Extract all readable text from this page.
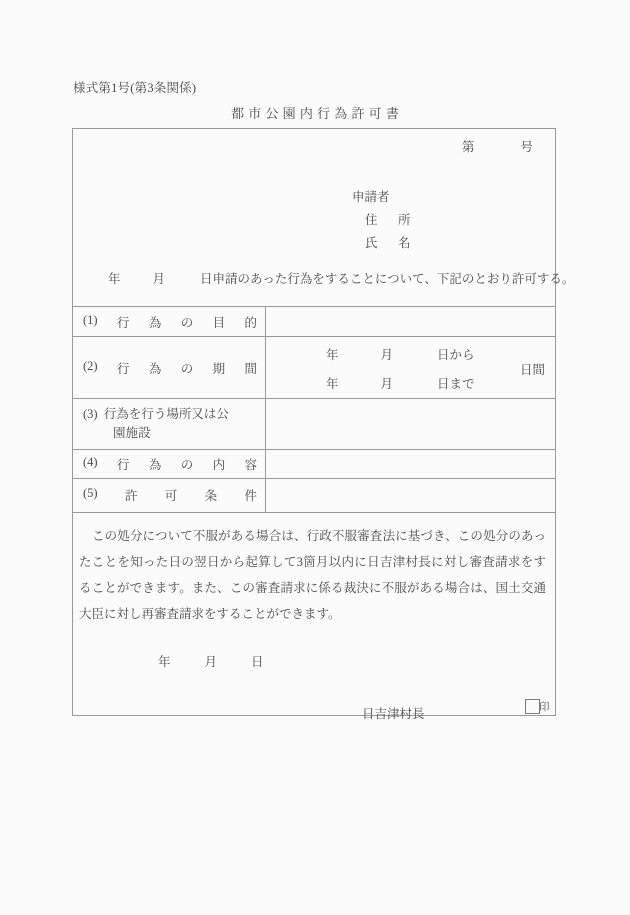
様式第1号(第3条関係)
都市公園内行為許可書
第	号
申請者
住　所
氏　名
年	月	日申請のあった行為をすることについて、下記のとおり許可する。
(1) 行 為 の 目 的

(2) 行 為 の 期 間

年	月	日から
年	月	日まで
日間

(3) 行為を行う場所又は公
園施設	

(4) 行 為 の 内 容

(5) 許 可 条 件	

この処分について不服がある場合は、行政不服審査法に基づき、この処分のあったことを知った日の翌日から起算して3箇月以内に日吉津村長に対し審査請求をすることができます。また、この審査請求に係る裁決に不服がある場合は、国土交通大臣に対し再審査請求をすることができます。
年	月	日
日吉津村長	印
